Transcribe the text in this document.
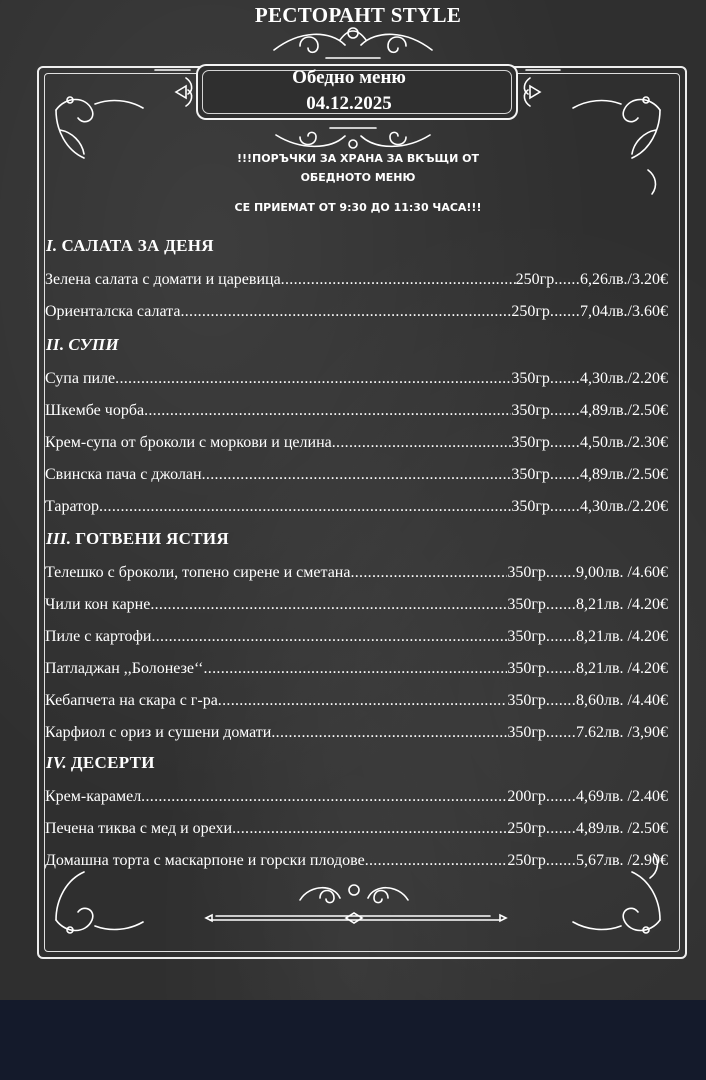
РЕСТОРАНТ STYLE
Обедно меню
04.12.2025
!!!ПОРЪЧКИ ЗА ХРАНА ЗА ВКЪЩИ ОТ
ОБЕДНОТО МЕНЮ
СЕ ПРИЕМАТ ОТ 9:30 ДО 11:30 ЧАСА!!!
I. САЛАТА ЗА ДЕНЯ
Зелена салата с домати и царевица .....	250гр ...... 6,26лв./3.20€
Ориенталска салата .....	250гр ....... 7,04лв./3.60€
II. СУПИ
Супа пиле .....	350гр ....... 4,30лв./2.20€
Шкембе чорба .....	350гр ....... 4,89лв./2.50€
Крем-супа от броколи с моркови и целина .....	350гр ....... 4,50лв./2.30€
Свинска пача с джолан .....	350гр ....... 4,89лв./2.50€
Таратор .....	350гр ....... 4,30лв./2.20€
III. ГОТВЕНИ ЯСТИЯ
Телешко с броколи, топено сирене и сметана .....	350гр ....... 9,00лв. /4.60€
Чили кон карне .....	350гр ....... 8,21лв. /4.20€
Пиле с картофи .....	350гр ....... 8,21лв. /4.20€
Патладжан ,,Болонезе‘‘ .....	350гр ....... 8,21лв. /4.20€
Кебапчета на скара с г-ра .....	350гр ....... 8,60лв. /4.40€
Карфиол с ориз и сушени домати .....	350гр ....... 7.62лв. /3,90€
IV. ДЕСЕРТИ
Крем-карамел .....	200гр ....... 4,69лв. /2.40€
Печена тиква с мед и орехи .....	250гр ....... 4,89лв. /2.50€
Домашна торта с маскарпоне и горски плодове .....	250гр ....... 5,67лв. /2.90€
